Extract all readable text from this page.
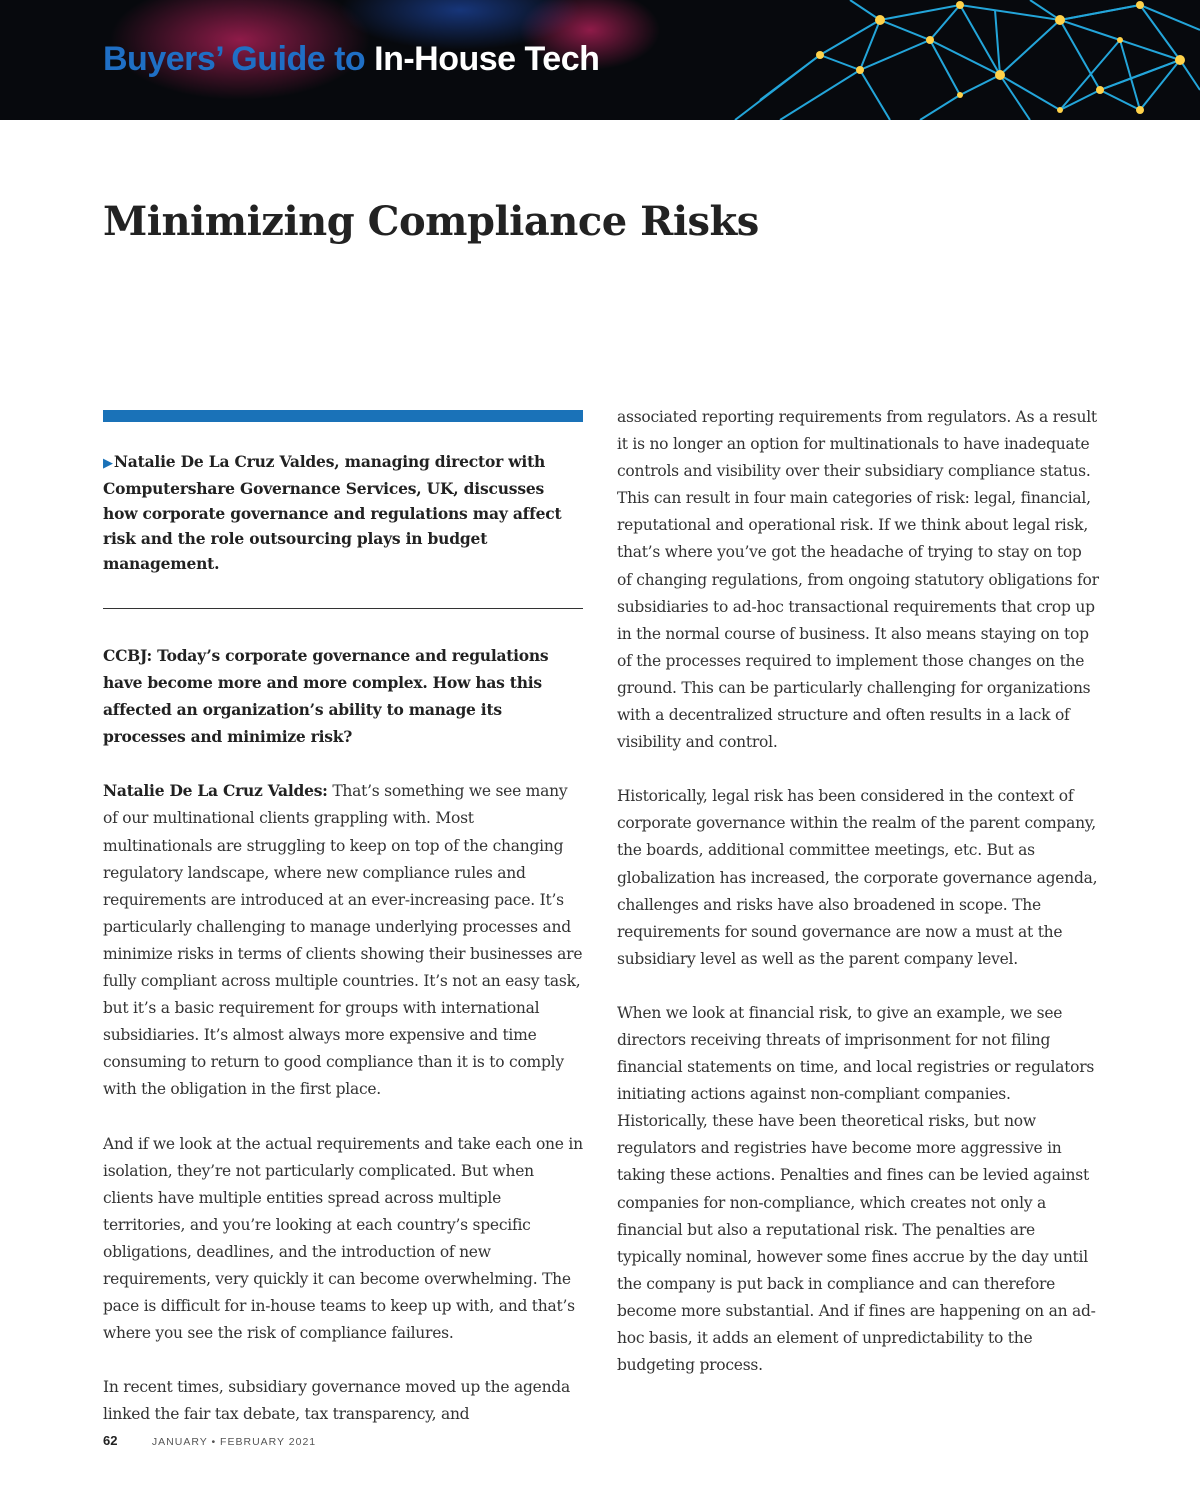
Buyers’ Guide to In-House Tech
Minimizing Compliance Risks

▶Natalie De La Cruz Valdes, managing director with Computershare Governance Services, UK, discusses how corporate governance and regulations may affect risk and the role outsourcing plays in budget management.

CCBJ: Today’s corporate governance and regulations have become more and more complex. How has this affected an organization’s ability to manage its processes and minimize risk?

Natalie De La Cruz Valdes: That’s something we see many of our multinational clients grappling with. Most multinationals are struggling to keep on top of the changing regulatory landscape, where new compliance rules and requirements are introduced at an ever-increasing pace. It’s particularly challenging to manage underlying processes and minimize risks in terms of clients showing their businesses are fully compliant across multiple countries. It’s not an easy task, but it’s a basic requirement for groups with international subsidiaries. It’s almost always more expensive and time consuming to return to good compliance than it is to comply with the obligation in the first place.

And if we look at the actual requirements and take each one in isolation, they’re not particularly complicated. But when clients have multiple entities spread across multiple territories, and you’re looking at each country’s specific obligations, deadlines, and the introduction of new requirements, very quickly it can become overwhelming. The pace is difficult for in-house teams to keep up with, and that’s where you see the risk of compliance failures.

In recent times, subsidiary governance moved up the agenda linked the fair tax debate, tax transparency, and

associated reporting requirements from regulators. As a result it is no longer an option for multinationals to have inadequate controls and visibility over their subsidiary compliance status. This can result in four main categories of risk: legal, financial, reputational and operational risk. If we think about legal risk, that’s where you’ve got the headache of trying to stay on top of changing regulations, from ongoing statutory obligations for subsidiaries to ad-hoc transactional requirements that crop up in the normal course of business. It also means staying on top of the processes required to implement those changes on the ground. This can be particularly challenging for organizations with a decentralized structure and often results in a lack of visibility and control.

Historically, legal risk has been considered in the context of corporate governance within the realm of the parent company, the boards, additional committee meetings, etc. But as globalization has increased, the corporate governance agenda, challenges and risks have also broadened in scope. The requirements for sound governance are now a must at the subsidiary level as well as the parent company level.

When we look at financial risk, to give an example, we see directors receiving threats of imprisonment for not filing financial statements on time, and local registries or regulators initiating actions against non-compliant companies. Historically, these have been theoretical risks, but now regulators and registries have become more aggressive in taking these actions. Penalties and fines can be levied against companies for non-compliance, which creates not only a financial but also a reputational risk. The penalties are typically nominal, however some fines accrue by the day until the company is put back in compliance and can therefore become more substantial. And if fines are happening on an ad-hoc basis, it adds an element of unpredictability to the budgeting process.

62	JANUARY • FEBRUARY 2021
